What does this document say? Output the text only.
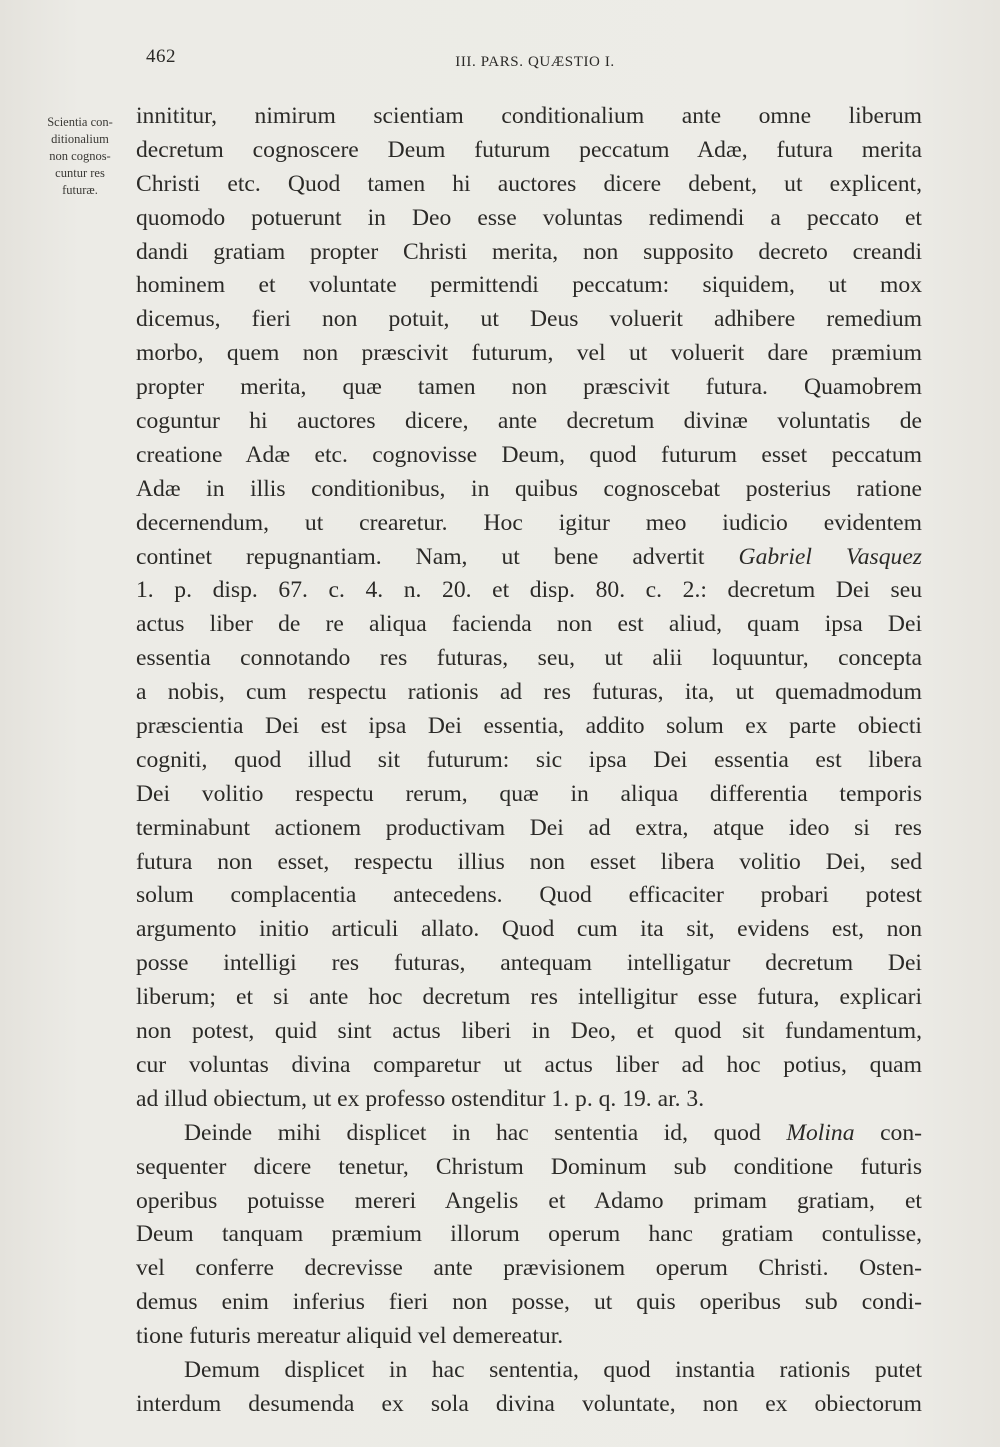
462	III. PARS. QUÆSTIO I.
Scientia con-
ditionalium
non cognos-
cuntur res
futuræ.
innititur, nimirum scientiam conditionalium ante omne liberum
decretum cognoscere Deum futurum peccatum Adæ, futura merita
Christi etc. Quod tamen hi auctores dicere debent, ut explicent,
quomodo potuerunt in Deo esse voluntas redimendi a peccato et
dandi gratiam propter Christi merita, non supposito decreto creandi
hominem et voluntate permittendi peccatum: siquidem, ut mox
dicemus, fieri non potuit, ut Deus voluerit adhibere remedium
morbo, quem non præscivit futurum, vel ut voluerit dare præmium
propter merita, quæ tamen non præscivit futura. Quamobrem
coguntur hi auctores dicere, ante decretum divinæ voluntatis de
creatione Adæ etc. cognovisse Deum, quod futurum esset peccatum
Adæ in illis conditionibus, in quibus cognoscebat posterius ratione
decernendum, ut crearetur. Hoc igitur meo iudicio evidentem
continet repugnantiam. Nam, ut bene advertit Gabriel Vasquez
1. p. disp. 67. c. 4. n. 20. et disp. 80. c. 2.: decretum Dei seu
actus liber de re aliqua facienda non est aliud, quam ipsa Dei
essentia connotando res futuras, seu, ut alii loquuntur, concepta
a nobis, cum respectu rationis ad res futuras, ita, ut quemadmodum
præscientia Dei est ipsa Dei essentia, addito solum ex parte obiecti
cogniti, quod illud sit futurum: sic ipsa Dei essentia est libera
Dei volitio respectu rerum, quæ in aliqua differentia temporis
terminabunt actionem productivam Dei ad extra, atque ideo si res
futura non esset, respectu illius non esset libera volitio Dei, sed
solum complacentia antecedens. Quod efficaciter probari potest
argumento initio articuli allato. Quod cum ita sit, evidens est, non
posse intelligi res futuras, antequam intelligatur decretum Dei
liberum; et si ante hoc decretum res intelligitur esse futura, explicari
non potest, quid sint actus liberi in Deo, et quod sit fundamentum,
cur voluntas divina comparetur ut actus liber ad hoc potius, quam
ad illud obiectum, ut ex professo ostenditur 1. p. q. 19. ar. 3.
Deinde mihi displicet in hac sententia id, quod Molina con-
sequenter dicere tenetur, Christum Dominum sub conditione futuris
operibus potuisse mereri Angelis et Adamo primam gratiam, et
Deum tanquam præmium illorum operum hanc gratiam contulisse,
vel conferre decrevisse ante prævisionem operum Christi. Osten-
demus enim inferius fieri non posse, ut quis operibus sub condi-
tione futuris mereatur aliquid vel demereatur.
Demum displicet in hac sententia, quod instantia rationis putet
interdum desumenda ex sola divina voluntate, non ex obiectorum
